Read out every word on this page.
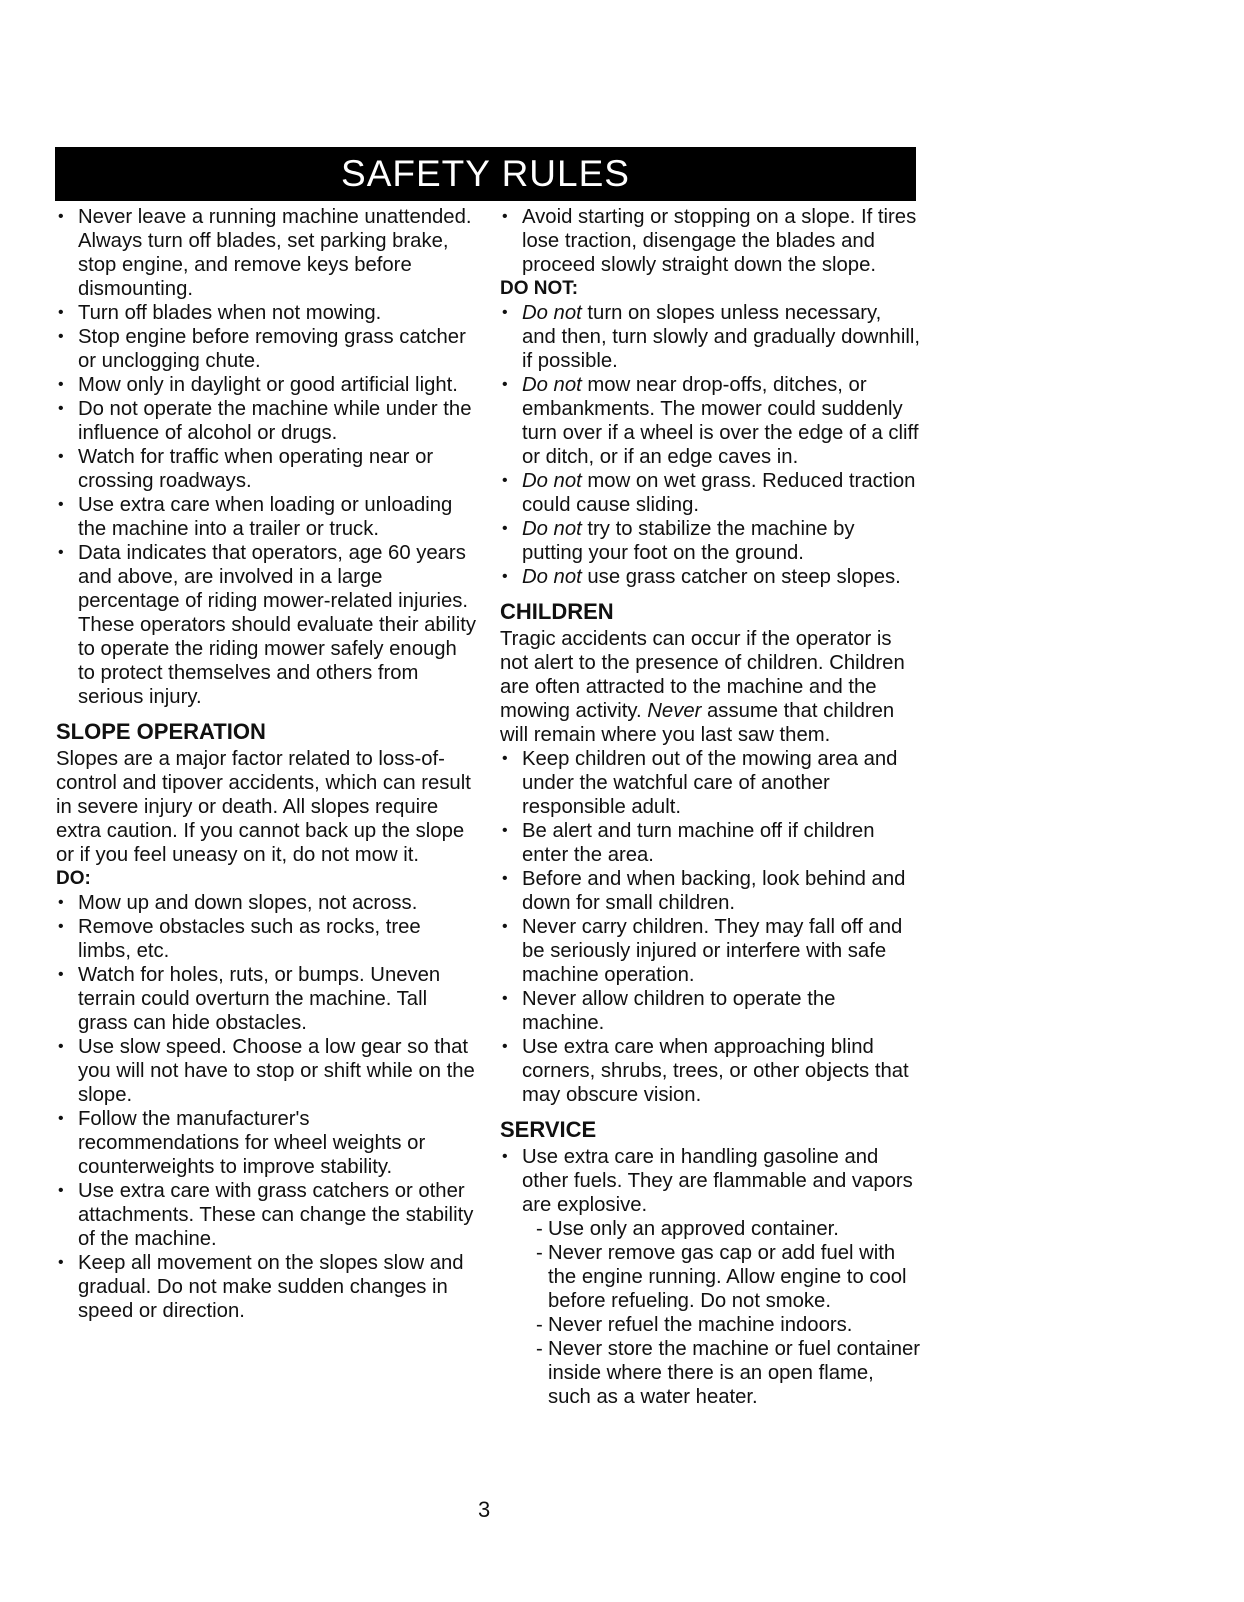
SAFETY RULES

• Never leave a running machine unattended. Always turn off blades, set parking brake, stop engine, and remove keys before dismounting.

• Turn off blades when not mowing.

• Stop engine before removing grass catcher or unclogging chute.

• Mow only in daylight or good artificial light.

• Do not operate the machine while under the influence of alcohol or drugs.

• Watch for traffic when operating near or crossing roadways.

• Use extra care when loading or unloading the machine into a trailer or truck.

• Data indicates that operators, age 60 years and above, are involved in a large percentage of riding mower-related injuries. These operators should evaluate their ability to operate the riding mower safely enough to protect themselves and others from serious injury.

SLOPE OPERATION

Slopes are a major factor related to loss-of-control and tipover accidents, which can result in severe injury or death. All slopes require extra caution. If you cannot back up the slope or if you feel uneasy on it, do not mow it.

DO:

• Mow up and down slopes, not across.

• Remove obstacles such as rocks, tree limbs, etc.

• Watch for holes, ruts, or bumps. Uneven terrain could overturn the machine. Tall grass can hide obstacles.

• Use slow speed. Choose a low gear so that you will not have to stop or shift while on the slope.

• Follow the manufacturer's recommendations for wheel weights or counterweights to improve stability.

• Use extra care with grass catchers or other attachments. These can change the stability of the machine.

• Keep all movement on the slopes slow and gradual. Do not make sudden changes in speed or direction.

• Avoid starting or stopping on a slope. If tires lose traction, disengage the blades and proceed slowly straight down the slope.

DO NOT:

• Do not turn on slopes unless necessary, and then, turn slowly and gradually downhill, if possible.

• Do not mow near drop-offs, ditches, or embankments. The mower could suddenly turn over if a wheel is over the edge of a cliff or ditch, or if an edge caves in.

• Do not mow on wet grass. Reduced traction could cause sliding.

• Do not try to stabilize the machine by putting your foot on the ground.

• Do not use grass catcher on steep slopes.

CHILDREN

Tragic accidents can occur if the operator is not alert to the presence of children. Children are often attracted to the machine and the mowing activity. Never assume that children will remain where you last saw them.

• Keep children out of the mowing area and under the watchful care of another responsible adult.

• Be alert and turn machine off if children enter the area.

• Before and when backing, look behind and down for small children.

• Never carry children. They may fall off and be seriously injured or interfere with safe machine operation.

• Never allow children to operate the machine.

• Use extra care when approaching blind corners, shrubs, trees, or other objects that may obscure vision.

SERVICE

• Use extra care in handling gasoline and other fuels. They are flammable and vapors are explosive.

- Use only an approved container.

- Never remove gas cap or add fuel with the engine running. Allow engine to cool before refueling. Do not smoke.

- Never refuel the machine indoors.

- Never store the machine or fuel container inside where there is an open flame, such as a water heater.

3
